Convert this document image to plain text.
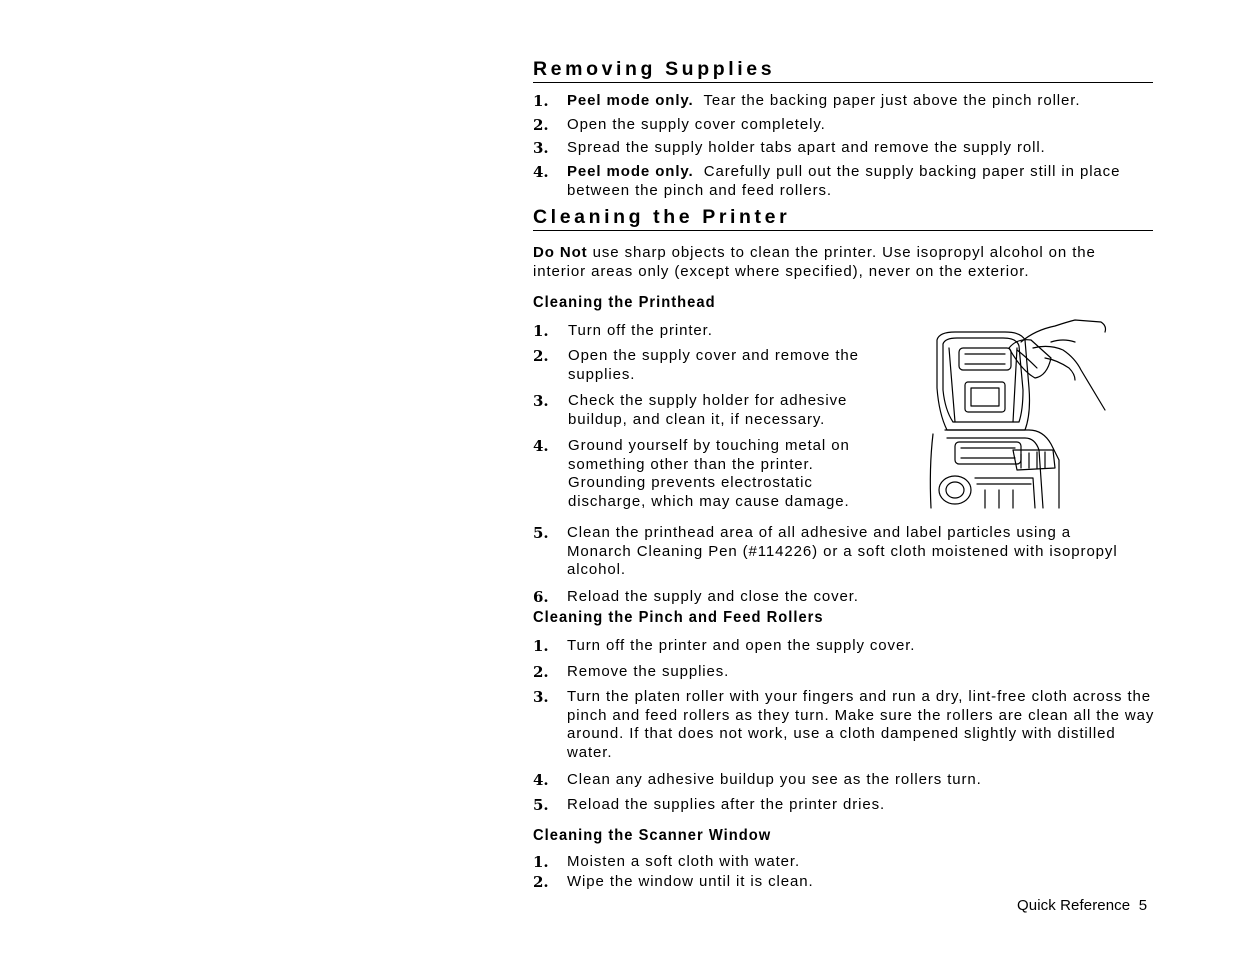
Removing Supplies
1. Peel mode only. Tear the backing paper just above the pinch roller.
2. Open the supply cover completely.
3. Spread the supply holder tabs apart and remove the supply roll.
4. Peel mode only. Carefully pull out the supply backing paper still in place between the pinch and feed rollers.
Cleaning the Printer
Do Not use sharp objects to clean the printer. Use isopropyl alcohol on the interior areas only (except where specified), never on the exterior.
Cleaning the Printhead
1. Turn off the printer.
2. Open the supply cover and remove the supplies.
3. Check the supply holder for adhesive buildup, and clean it, if necessary.
4. Ground yourself by touching metal on something other than the printer. Grounding prevents electrostatic discharge, which may cause damage.
5. Clean the printhead area of all adhesive and label particles using a Monarch Cleaning Pen (#114226) or a soft cloth moistened with isopropyl alcohol.
6. Reload the supply and close the cover.
Cleaning the Pinch and Feed Rollers
1. Turn off the printer and open the supply cover.
2. Remove the supplies.
3. Turn the platen roller with your fingers and run a dry, lint-free cloth across the pinch and feed rollers as they turn. Make sure the rollers are clean all the way around. If that does not work, use a cloth dampened slightly with distilled water.
4. Clean any adhesive buildup you see as the rollers turn.
5. Reload the supplies after the printer dries.
Cleaning the Scanner Window
1. Moisten a soft cloth with water.
2. Wipe the window until it is clean.
Quick Reference 5
